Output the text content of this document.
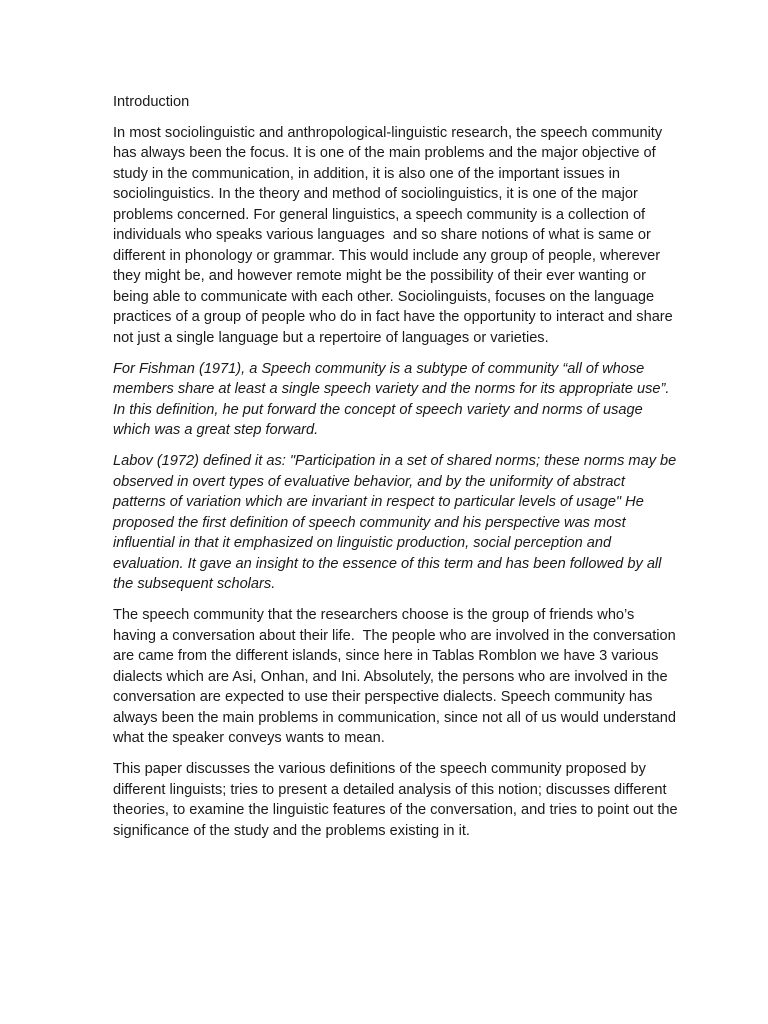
Introduction

In most sociolinguistic and anthropological-linguistic research, the speech community has always been the focus. It is one of the main problems and the major objective of study in the communication, in addition, it is also one of the important issues in sociolinguistics. In the theory and method of sociolinguistics, it is one of the major problems concerned. For general linguistics, a speech community is a collection of individuals who speaks various languages  and so share notions of what is same or different in phonology or grammar. This would include any group of people, wherever they might be, and however remote might be the possibility of their ever wanting or being able to communicate with each other. Sociolinguists, focuses on the language practices of a group of people who do in fact have the opportunity to interact and share not just a single language but a repertoire of languages or varieties.

For Fishman (1971), a Speech community is a subtype of community “all of whose members share at least a single speech variety and the norms for its appropriate use”. In this definition, he put forward the concept of speech variety and norms of usage which was a great step forward.

Labov (1972) defined it as: "Participation in a set of shared norms; these norms may be observed in overt types of evaluative behavior, and by the uniformity of abstract patterns of variation which are invariant in respect to particular levels of usage" He proposed the first definition of speech community and his perspective was most influential in that it emphasized on linguistic production, social perception and evaluation. It gave an insight to the essence of this term and has been followed by all the subsequent scholars.

The speech community that the researchers choose is the group of friends who’s having a conversation about their life.  The people who are involved in the conversation are came from the different islands, since here in Tablas Romblon we have 3 various dialects which are Asi, Onhan, and Ini. Absolutely, the persons who are involved in the conversation are expected to use their perspective dialects. Speech community has always been the main problems in communication, since not all of us would understand what the speaker conveys wants to mean.

This paper discusses the various definitions of the speech community proposed by different linguists; tries to present a detailed analysis of this notion; discusses different theories, to examine the linguistic features of the conversation, and tries to point out the significance of the study and the problems existing in it.
